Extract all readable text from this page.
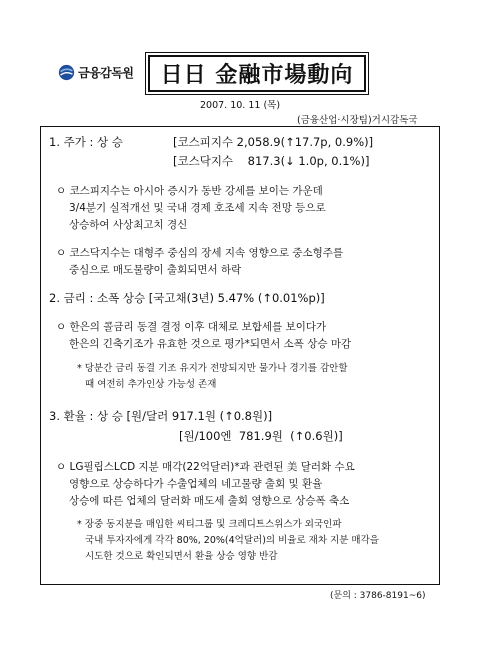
금융감독원	日日 金融市場動向
2007. 10. 11 (목)
(금융산업·시장팀)거시감독국
1. 주가 : 상 승	[코스피지수 2,058.9(↑17.7p, 0.9%)]
[코스닥지수    817.3(↓ 1.0p, 0.1%)]
ㅇ 코스피지수는 아시아 증시가 동반 강세를 보이는 가운데
3/4분기 실적개선 및 국내 경제 호조세 지속 전망 등으로
상승하여 사상최고치 경신
ㅇ 코스닥지수는 대형주 중심의 장세 지속 영향으로 중소형주를
중심으로 매도물량이 출회되면서 하락
2. 금리 : 소폭 상승 [국고채(3년) 5.47% (↑0.01%p)]
ㅇ 한은의 콜금리 동결 결정 이후 대체로 보합세를 보이다가
한은의 긴축기조가 유효한 것으로 평가*되면서 소폭 상승 마감
* 당분간 금리 동결 기조 유지가 전망되지만 물가나 경기를 감안할
때 여전히 추가인상 가능성 존재
3. 환율 : 상 승 [원/달러 917.1원 (↑0.8원)]
[원/100엔  781.9원  (↑0.6원)]
ㅇ LG필립스LCD 지분 매각(22억달러)*과 관련된 美 달러화 수요
영향으로 상승하다가 수출업체의 네고물량 출회 및 환율
상승에 따른 업체의 달러화 매도세 출회 영향으로 상승폭 축소
* 장중 동지분을 매입한 씨티그룹 및 크레디트스위스가 외국인파
국내 투자자에게 각각 80%, 20%(4억달러)의 비율로 재차 지분 매각을
시도한 것으로 확인되면서 환율 상승 영향 반감
(문의 : 3786-8191~6)
